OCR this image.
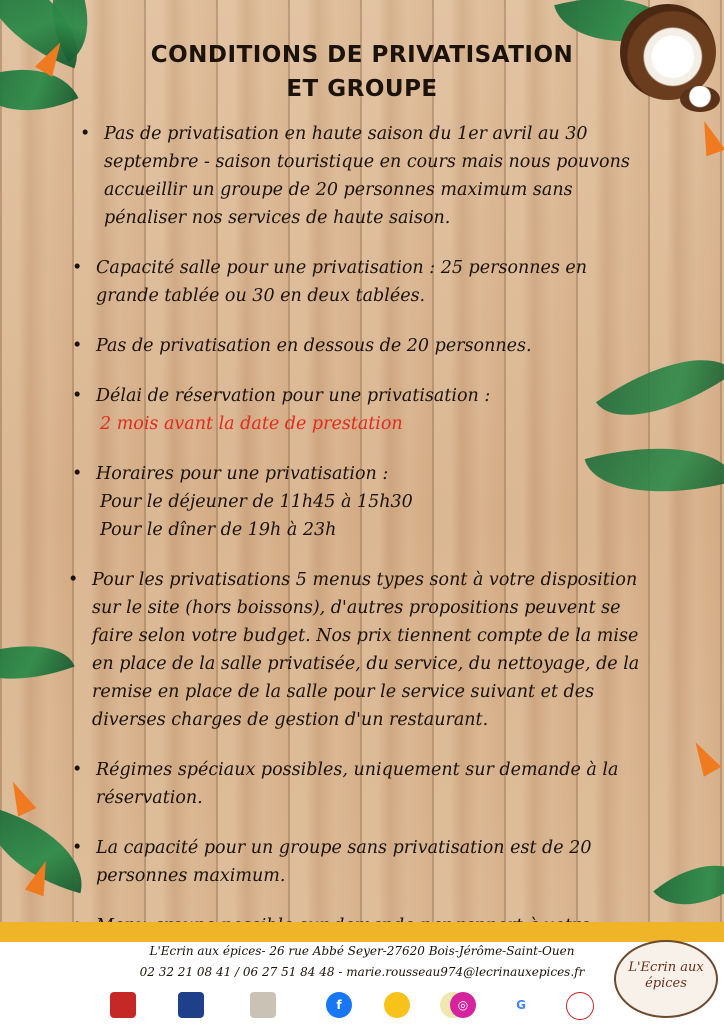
CONDITIONS DE PRIVATISATION
ET GROUPE
• Pas de privatisation en haute saison du 1er avril au 30
septembre - saison touristique en cours mais nous pouvons
accueillir un groupe de 20 personnes maximum sans
pénaliser nos services de haute saison.
• Capacité salle pour une privatisation : 25 personnes en
grande tablée ou 30 en deux tablées.
• Pas de privatisation en dessous de 20 personnes.
• Délai de réservation pour une privatisation :
2 mois avant la date de prestation
• Horaires pour une privatisation :
Pour le déjeuner de 11h45 à 15h30
Pour le dîner de 19h à 23h
• Pour les privatisations 5 menus types sont à votre disposition
sur le site (hors boissons), d'autres propositions peuvent se
faire selon votre budget. Nos prix tiennent compte de la mise
en place de la salle privatisée, du service, du nettoyage, de la
remise en place de la salle pour le service suivant et des
diverses charges de gestion d'un restaurant.
• Régimes spéciaux possibles, uniquement sur demande à la
réservation.
• La capacité pour un groupe sans privatisation est de 20
personnes maximum.
•
L'Ecrin aux épices- 26 rue Abbé Seyer-27620 Bois-Jérôme-Saint-Ouen
02 32 21 08 41 / 06 27 51 84 48 - marie.rousseau974@lecrinauxepices.fr
f	◎	G
L'Ecrin aux épices
